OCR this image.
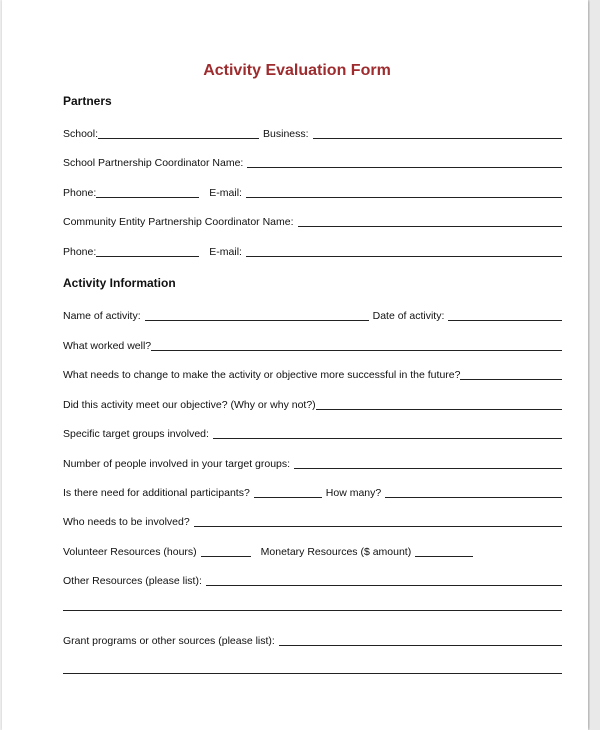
Activity Evaluation Form
Partners
School:	Business:
School Partnership Coordinator Name:
Phone:	E-mail:
Community Entity Partnership Coordinator Name:
Phone:	E-mail:
Activity Information
Name of activity:	Date of activity:
What worked well?
What needs to change to make the activity or objective more successful in the future?
Did this activity meet our objective? (Why or why not?)
Specific target groups involved:
Number of people involved in your target groups:
Is there need for additional participants?	How many?
Who needs to be involved?
Volunteer Resources (hours)	Monetary Resources ($ amount)
Other Resources (please list):
Grant programs or other sources (please list):
